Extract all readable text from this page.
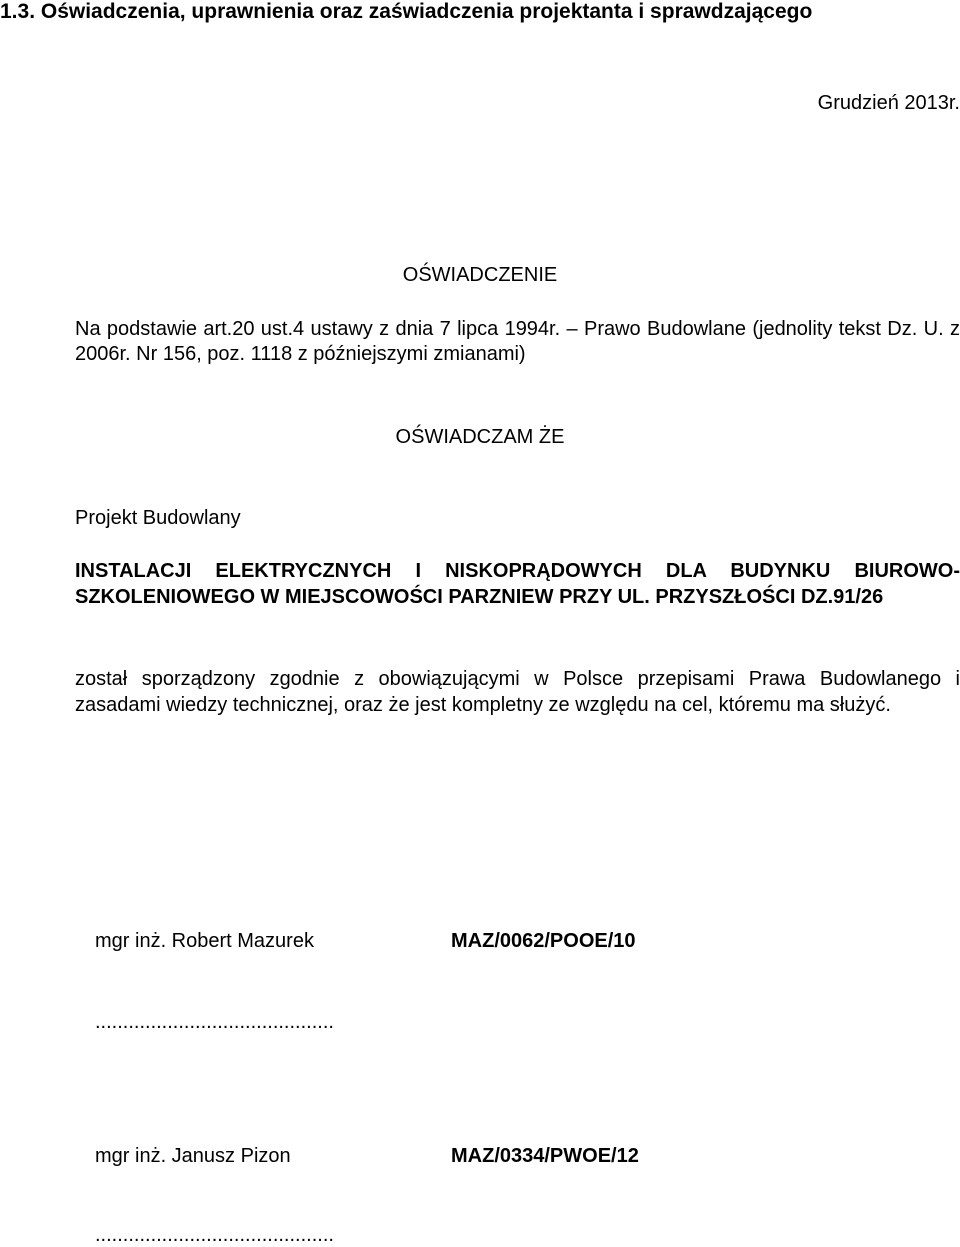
1.3. Oświadczenia, uprawnienia oraz zaświadczenia projektanta i sprawdzającego
Grudzień 2013r.
OŚWIADCZENIE
Na podstawie art.20 ust.4 ustawy z dnia 7 lipca 1994r. – Prawo Budowlane (jednolity tekst Dz. U. z 2006r. Nr 156, poz. 1118 z późniejszymi zmianami)
OŚWIADCZAM ŻE
Projekt Budowlany
INSTALACJI ELEKTRYCZNYCH I NISKOPRĄDOWYCH DLA BUDYNKU BIUROWO-SZKOLENIOWEGO W MIEJSCOWOŚCI PARZNIEW PRZY UL. PRZYSZŁOŚCI DZ.91/26
został sporządzony zgodnie z obowiązującymi w Polsce przepisami Prawa Budowlanego i zasadami wiedzy technicznej, oraz że jest kompletny ze względu na cel, któremu ma służyć.
mgr inż. Robert Mazurek	MAZ/0062/POOE/10
...........................................
mgr inż. Janusz Pizon	MAZ/0334/PWOE/12
...........................................
